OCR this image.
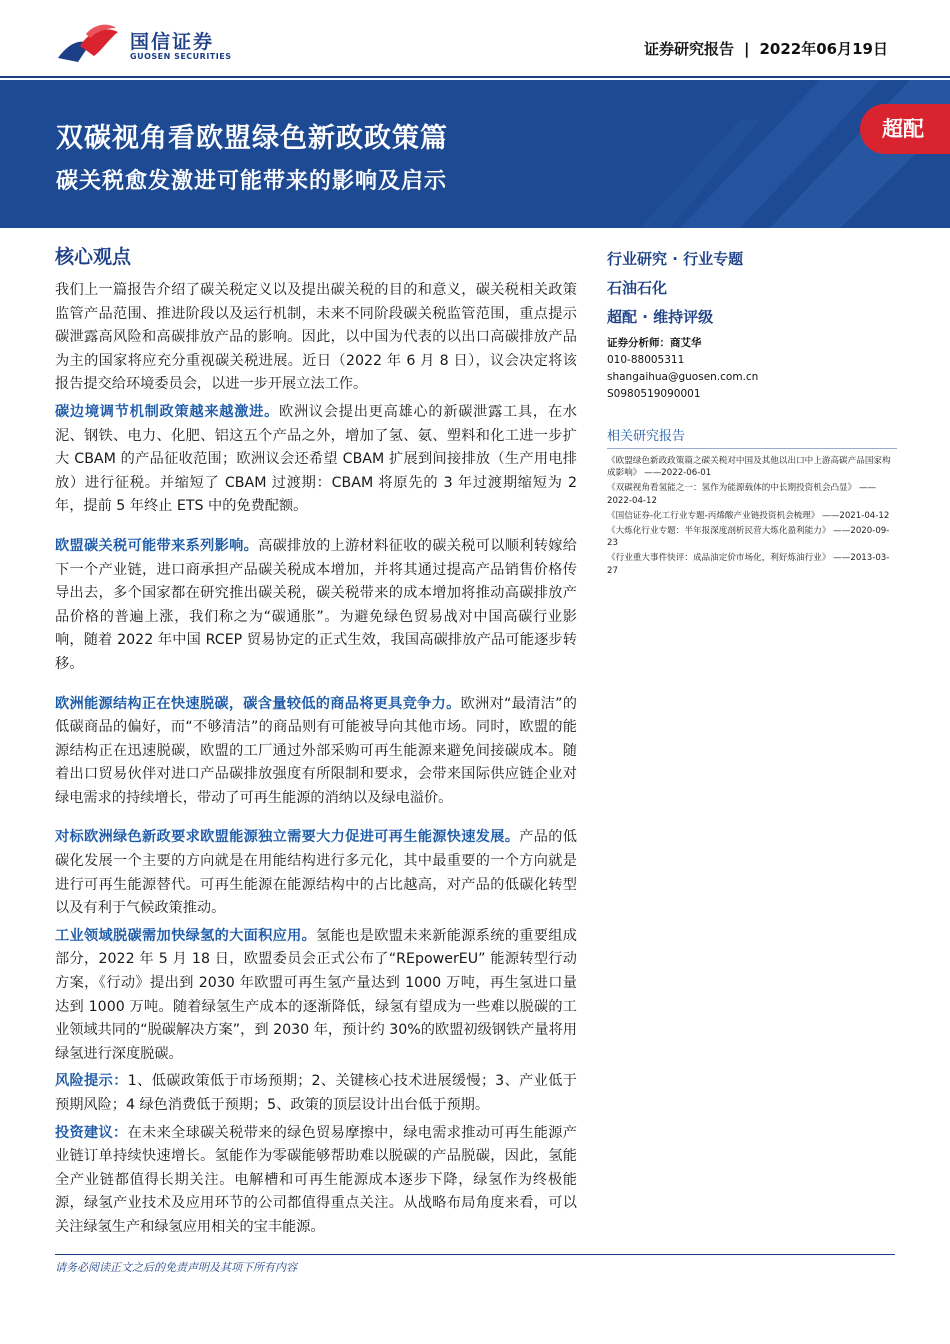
国信证券
GUOSEN SECURITIES	证券研究报告 | 2022年06月19日
双碳视角看欧盟绿色新政政策篇
碳关税愈发激进可能带来的影响及启示
超配
核心观点

我们上一篇报告介绍了碳关税定义以及提出碳关税的目的和意义，碳关税相关政策监管产品范围、推进阶段以及运行机制，未来不同阶段碳关税监管范围，重点提示碳泄露高风险和高碳排放产品的影响。因此，以中国为代表的以出口高碳排放产品为主的国家将应充分重视碳关税进展。近日（2022 年 6 月 8 日），议会决定将该报告提交给环境委员会，以进一步开展立法工作。

碳边境调节机制政策越来越激进。欧洲议会提出更高雄心的新碳泄露工具，在水泥、钢铁、电力、化肥、铝这五个产品之外，增加了氢、氨、塑料和化工进一步扩大 CBAM 的产品征收范围；欧洲议会还希望 CBAM 扩展到间接排放（生产用电排放）进行征税。并缩短了 CBAM 过渡期：CBAM 将原先的 3 年过渡期缩短为 2 年，提前 5 年终止 ETS 中的免费配额。

欧盟碳关税可能带来系列影响。高碳排放的上游材料征收的碳关税可以顺利转嫁给下一个产业链，进口商承担产品碳关税成本增加，并将其通过提高产品销售价格传导出去，多个国家都在研究推出碳关税，碳关税带来的成本增加将推动高碳排放产品价格的普遍上涨，我们称之为“碳通胀”。为避免绿色贸易战对中国高碳行业影响，随着 2022 年中国 RCEP 贸易协定的正式生效，我国高碳排放产品可能逐步转移。

欧洲能源结构正在快速脱碳，碳含量较低的商品将更具竞争力。欧洲对“最清洁”的低碳商品的偏好，而“不够清洁”的商品则有可能被导向其他市场。同时，欧盟的能源结构正在迅速脱碳，欧盟的工厂通过外部采购可再生能源来避免间接碳成本。随着出口贸易伙伴对进口产品碳排放强度有所限制和要求，会带来国际供应链企业对绿电需求的持续增长，带动了可再生能源的消纳以及绿电溢价。

对标欧洲绿色新政要求欧盟能源独立需要大力促进可再生能源快速发展。产品的低碳化发展一个主要的方向就是在用能结构进行多元化，其中最重要的一个方向就是进行可再生能源替代。可再生能源在能源结构中的占比越高，对产品的低碳化转型以及有利于气候政策推动。

工业领域脱碳需加快绿氢的大面积应用。氢能也是欧盟未来新能源系统的重要组成部分，2022 年 5 月 18 日，欧盟委员会正式公布了“REpowerEU” 能源转型行动方案，《行动》提出到 2030 年欧盟可再生氢产量达到 1000 万吨，再生氢进口量达到 1000 万吨。随着绿氢生产成本的逐渐降低，绿氢有望成为一些难以脱碳的工业领域共同的“脱碳解决方案”，到 2030 年，预计约 30%的欧盟初级钢铁产量将用绿氢进行深度脱碳。

风险提示：1、低碳政策低于市场预期；2、关键核心技术进展缓慢；3、产业低于预期风险；4 绿色消费低于预期；5、政策的顶层设计出台低于预期。

投资建议：在未来全球碳关税带来的绿色贸易摩擦中，绿电需求推动可再生能源产业链订单持续快速增长。氢能作为零碳能够帮助难以脱碳的产品脱碳，因此，氢能全产业链都值得长期关注。电解槽和可再生能源成本逐步下降，绿氢作为终极能源，绿氢产业技术及应用环节的公司都值得重点关注。从战略布局角度来看，可以关注绿氢生产和绿氢应用相关的宝丰能源。

行业研究 · 行业专题
石油石化
超配 · 维持评级
证券分析师：商艾华
010-88005311
shangaihua@guosen.com.cn
S0980519090001
相关研究报告
《欧盟绿色新政政策篇之碳关税对中国及其他以出口中上游高碳产品国家构成影响》 ——2022-06-01
《双碳视角看氢能之一：氢作为能源载体的中长期投资机会凸显》 ——2022-04-12
《国信证券-化工行业专题-丙烯酸产业链投资机会梳理》 ——2021-04-12
《大炼化行业专题：半年报深度剖析民营大炼化盈利能力》 ——2020-09-23
《行业重大事件快评：成品油定价市场化，利好炼油行业》 ——2013-03-27
请务必阅读正文之后的免责声明及其项下所有内容
